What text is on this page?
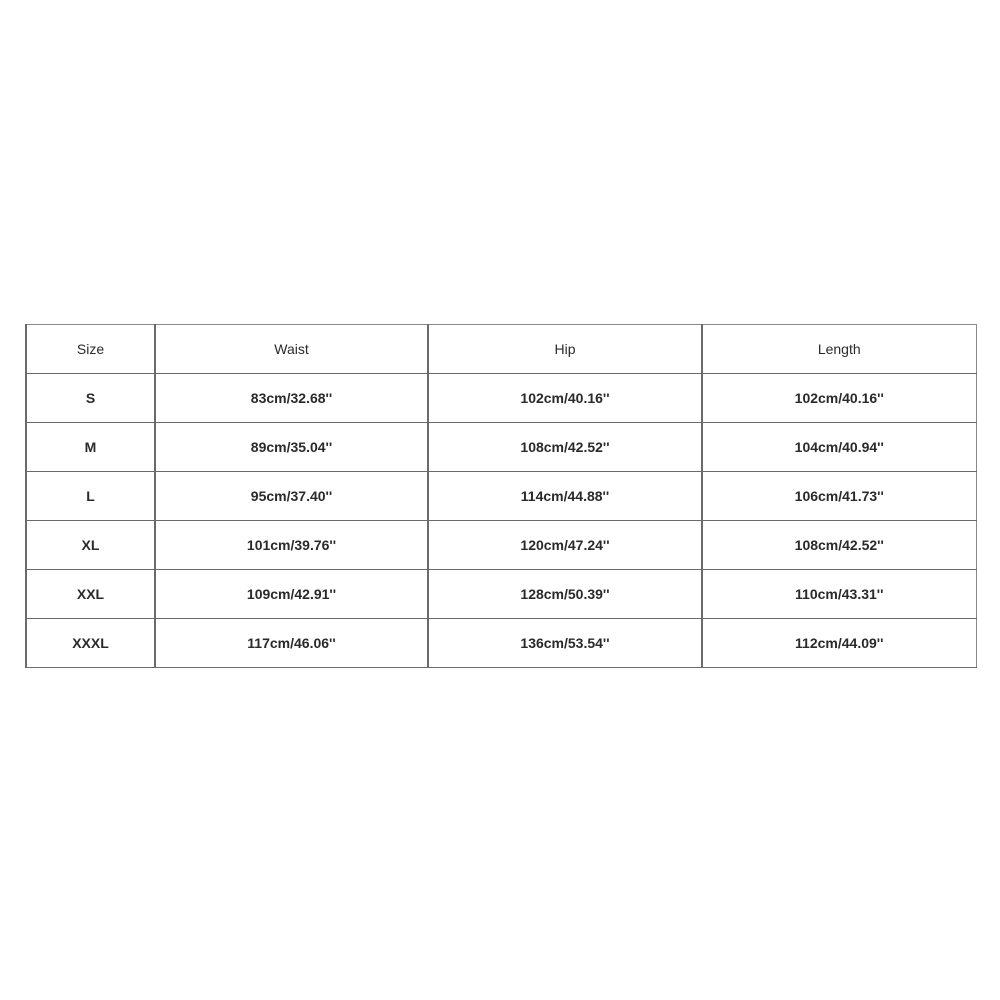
Size	Waist	Hip	Length
S	83cm/32.68''	102cm/40.16''	102cm/40.16''
M	89cm/35.04''	108cm/42.52''	104cm/40.94''
L	95cm/37.40''	114cm/44.88''	106cm/41.73''
XL	101cm/39.76''	120cm/47.24''	108cm/42.52''
XXL	109cm/42.91''	128cm/50.39''	110cm/43.31''
XXXL	117cm/46.06''	136cm/53.54''	112cm/44.09''
